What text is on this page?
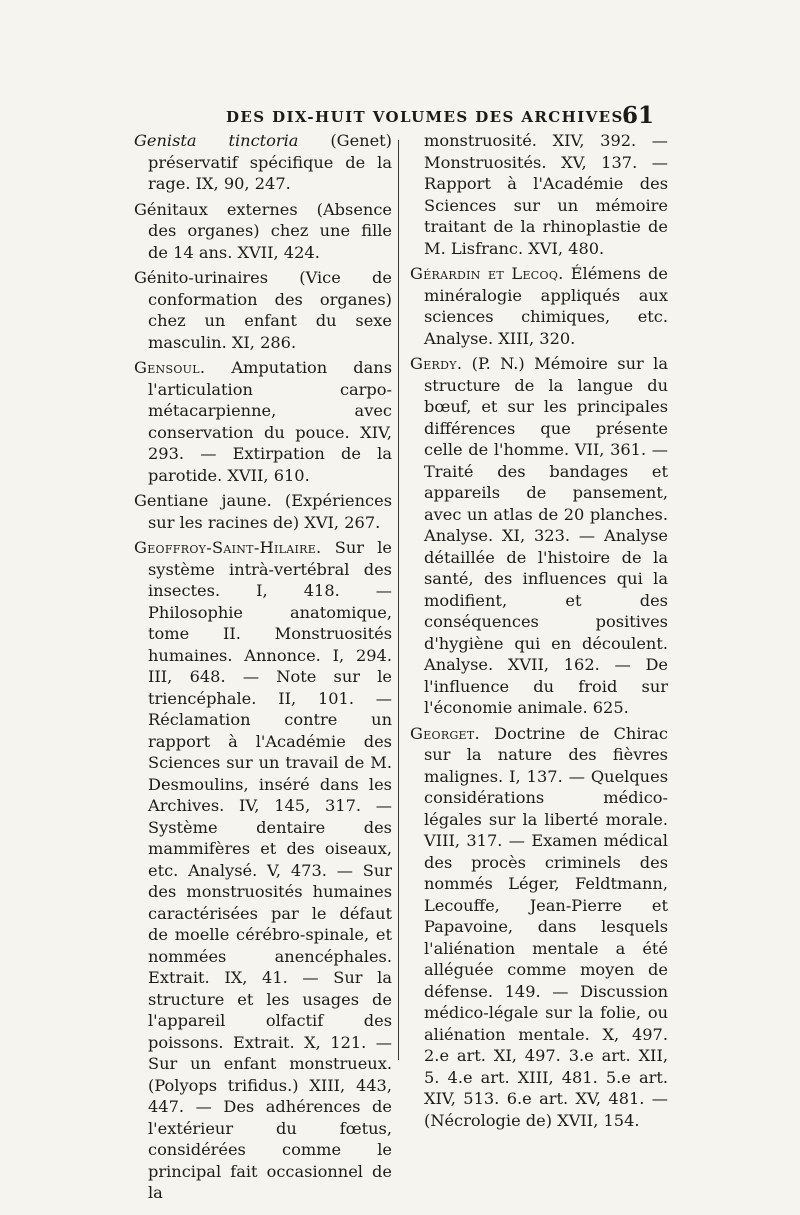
DES DIX-HUIT VOLUMES DES ARCHIVES.
61

Genista tinctoria (Genet) préservatif spécifique de la rage. IX, 90, 247.

Génitaux externes (Absence des organes) chez une fille de 14 ans. XVII, 424.

Génito-urinaires (Vice de conformation des organes) chez un enfant du sexe masculin. XI, 286.

Gensoul. Amputation dans l'articulation carpo-métacarpienne, avec conservation du pouce. XIV, 293. — Extirpation de la parotide. XVII, 610.

Gentiane jaune. (Expériences sur les racines de) XVI, 267.

Geoffroy-Saint-Hilaire. Sur le système intrà-vertébral des insectes. I, 418. — Philosophie anatomique, tome II. Monstruosités humaines. Annonce. I, 294. III, 648. — Note sur le triencéphale. II, 101. — Réclamation contre un rapport à l'Académie des Sciences sur un travail de M. Desmoulins, inséré dans les Archives. IV, 145, 317. — Système dentaire des mammifères et des oiseaux, etc. Analysé. V, 473. — Sur des monstruosités humaines caractérisées par le défaut de moelle cérébro-spinale, et nommées anencéphales. Extrait. IX, 41. — Sur la structure et les usages de l'appareil olfactif des poissons. Extrait. X, 121. — Sur un enfant monstrueux. (Polyops trifidus.) XIII, 443, 447. — Des adhérences de l'extérieur du fœtus, considérées comme le principal fait occasionnel de la

monstruosité. XIV, 392. — Monstruosités. XV, 137. — Rapport à l'Académie des Sciences sur un mémoire traitant de la rhinoplastie de M. Lisfranc. XVI, 480.

Gérardin et Lecoq. Élémens de minéralogie appliqués aux sciences chimiques, etc. Analyse. XIII, 320.

Gerdy. (P. N.) Mémoire sur la structure de la langue du bœuf, et sur les principales différences que présente celle de l'homme. VII, 361. — Traité des bandages et appareils de pansement, avec un atlas de 20 planches. Analyse. XI, 323. — Analyse détaillée de l'histoire de la santé, des influences qui la modifient, et des conséquences positives d'hygiène qui en découlent. Analyse. XVII, 162. — De l'influence du froid sur l'économie animale. 625.

Georget. Doctrine de Chirac sur la nature des fièvres malignes. I, 137. — Quelques considérations médico-légales sur la liberté morale. VIII, 317. — Examen médical des procès criminels des nommés Léger, Feldtmann, Lecouffe, Jean-Pierre et Papavoine, dans lesquels l'aliénation mentale a été alléguée comme moyen de défense. 149. — Discussion médico-légale sur la folie, ou aliénation mentale. X, 497. 2.e art. XI, 497. 3.e art. XII, 5. 4.e art. XIII, 481. 5.e art. XIV, 513. 6.e art. XV, 481. — (Nécrologie de) XVII, 154.
